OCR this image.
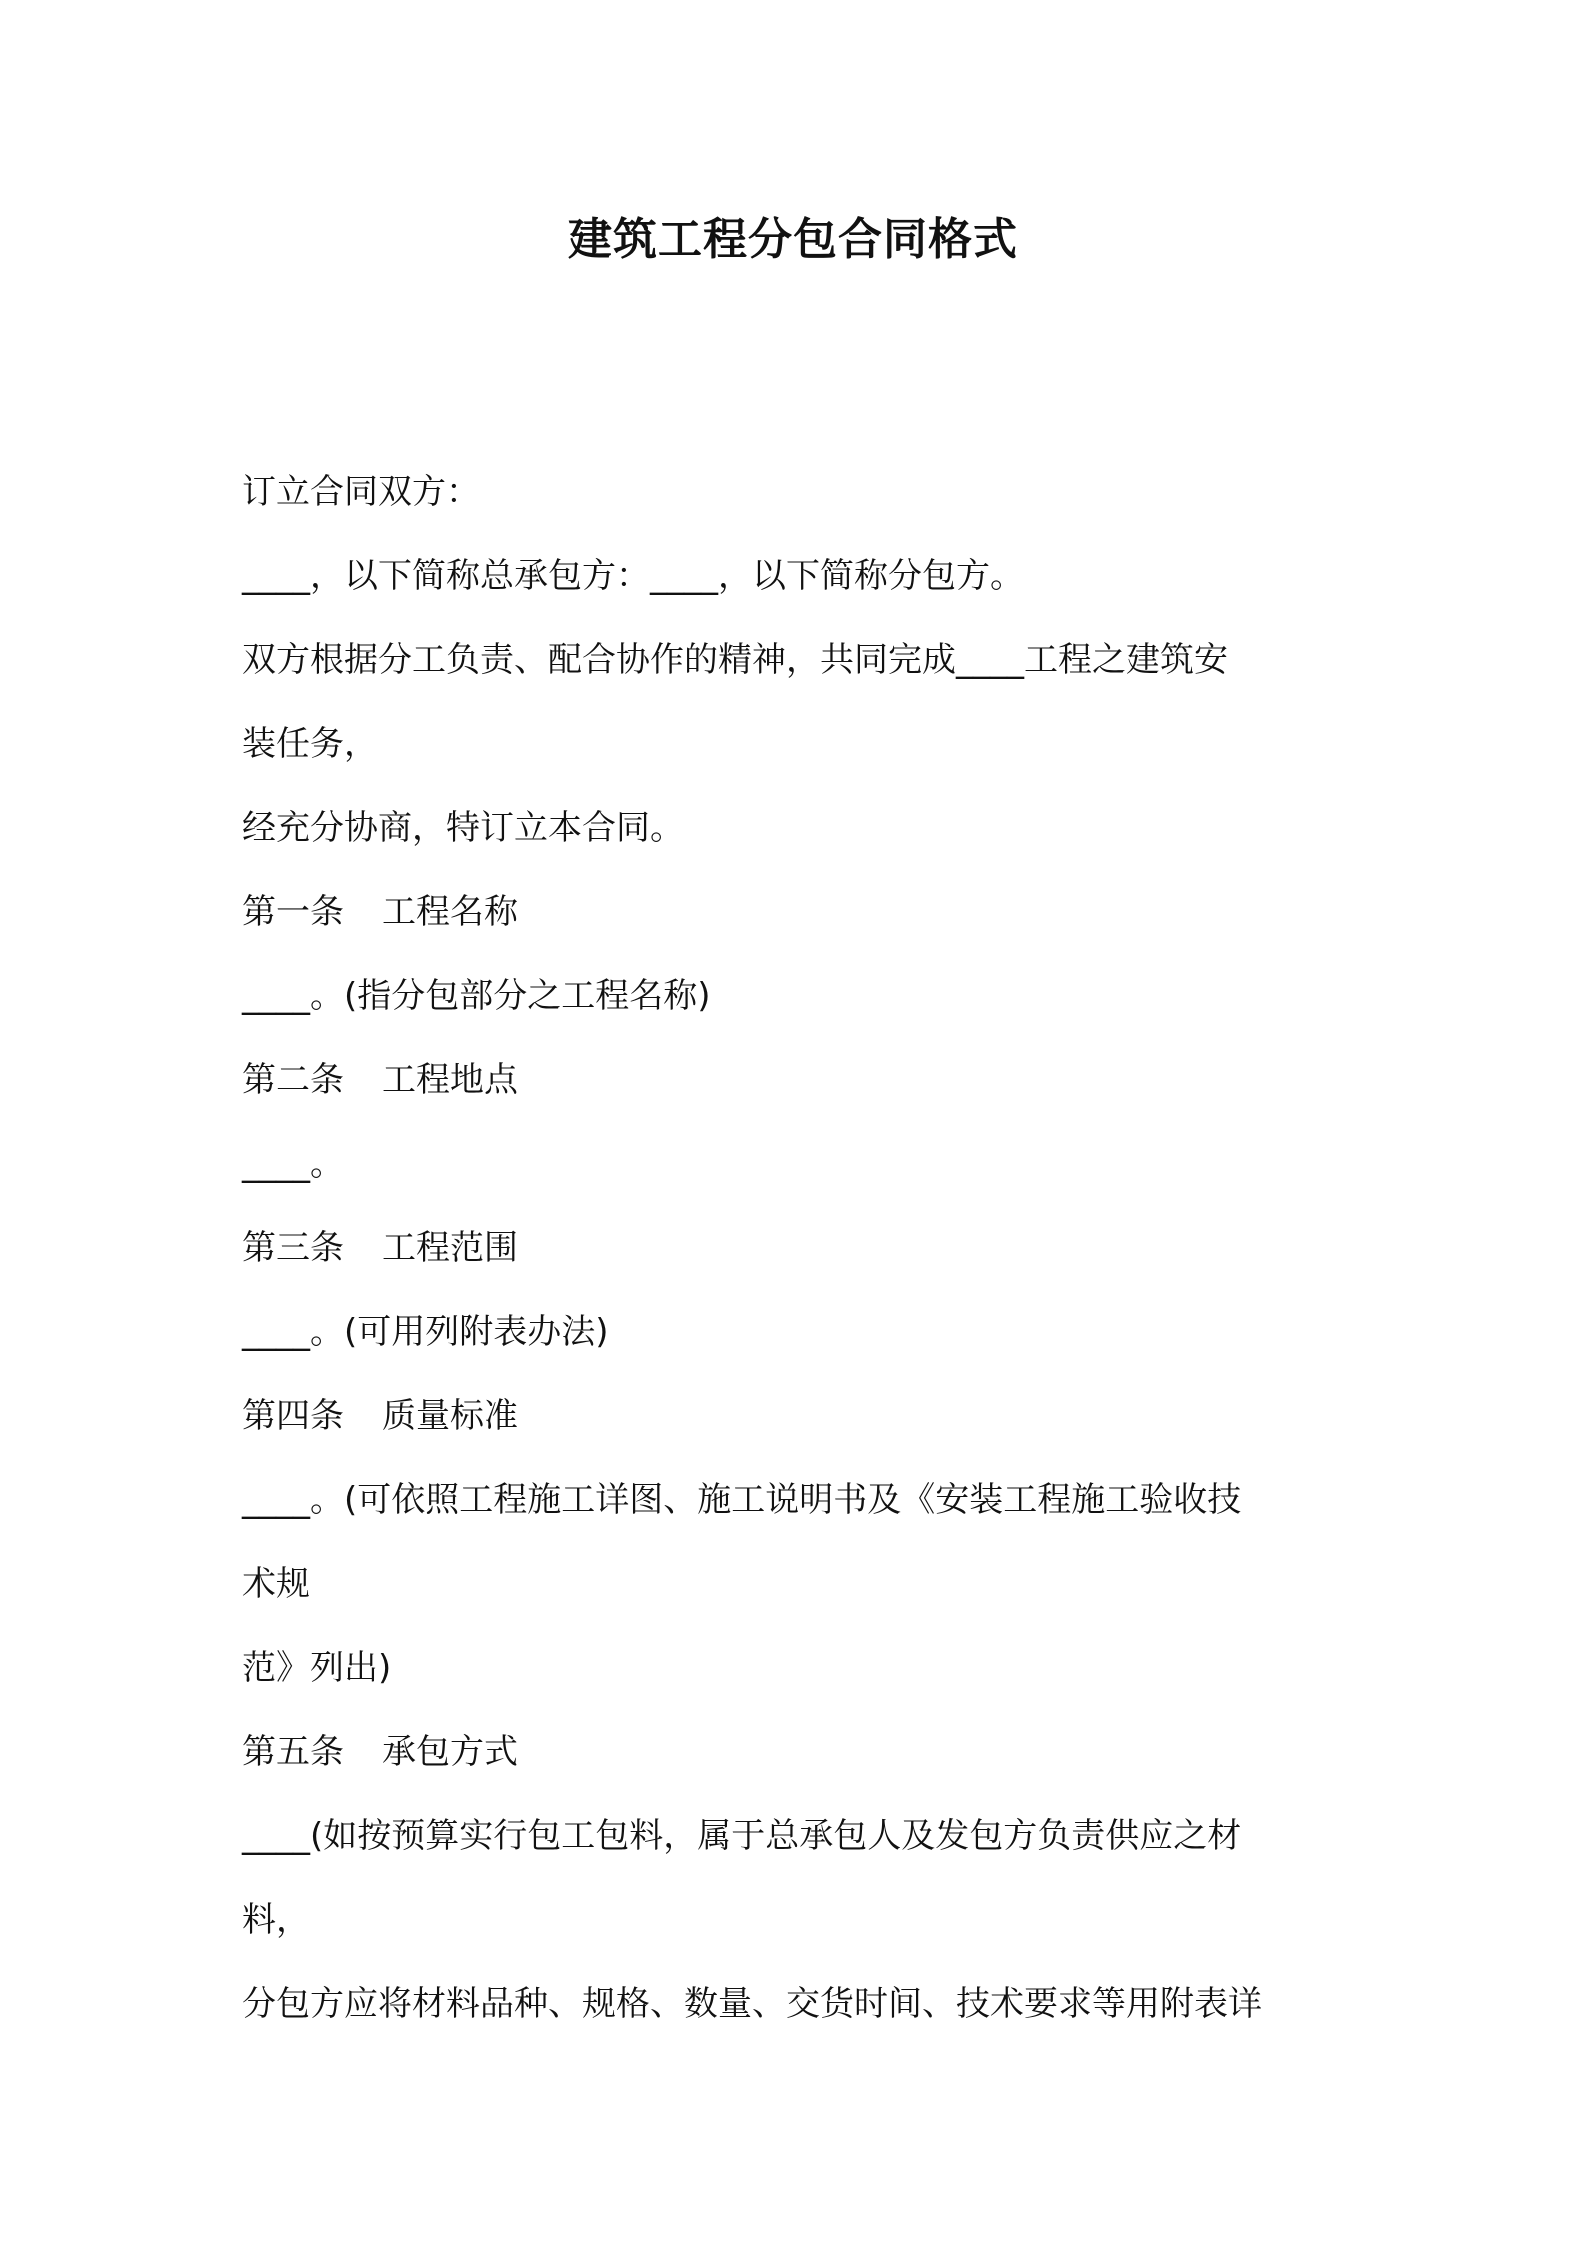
建筑工程分包合同格式
订立合同双方：
____，以下简称总承包方：____，以下简称分包方。
双方根据分工负责、配合协作的精神，共同完成____工程之建筑安
装任务，
经充分协商，特订立本合同。
第一条 工程名称
____。(指分包部分之工程名称)
第二条 工程地点
____。
第三条 工程范围
____。(可用列附表办法)
第四条 质量标准
____。(可依照工程施工详图、施工说明书及《安装工程施工验收技
术规
范》列出)
第五条 承包方式
____(如按预算实行包工包料，属于总承包人及发包方负责供应之材
料，
分包方应将材料品种、规格、数量、交货时间、技术要求等用附表详
